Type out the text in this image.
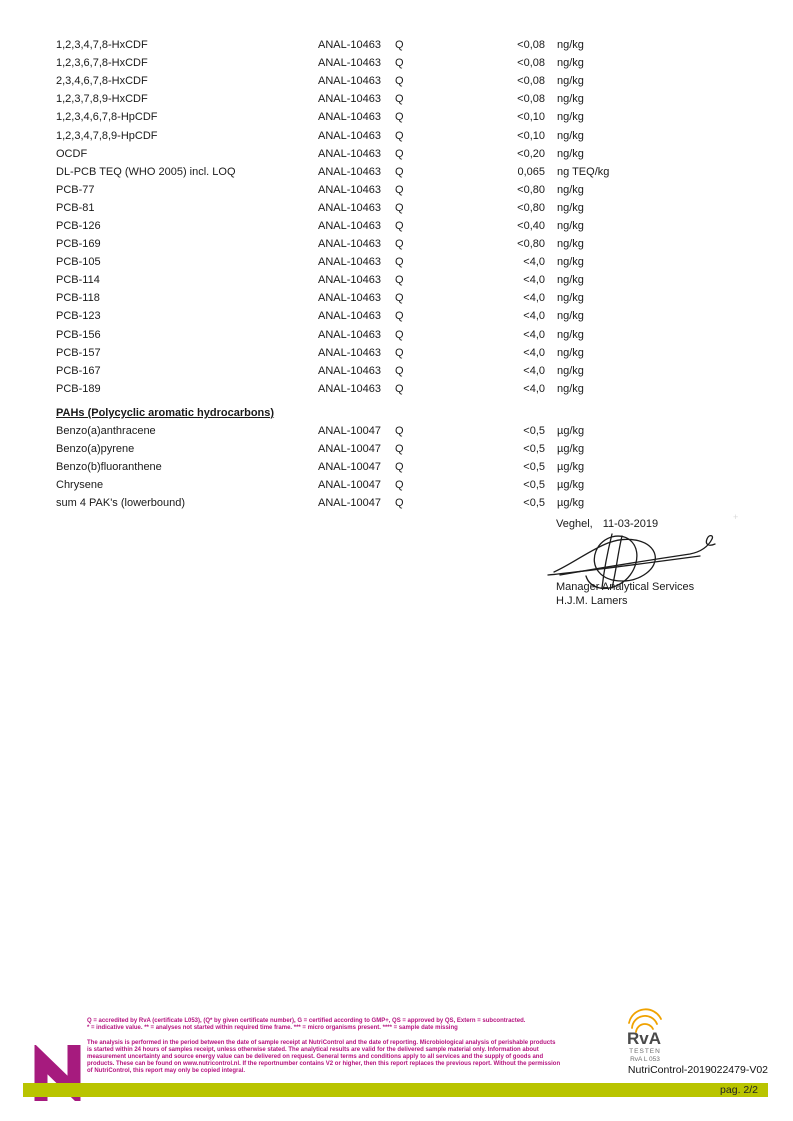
1,2,3,4,7,8-HxCDF	ANAL-10463	Q	<0,08	ng/kg
1,2,3,6,7,8-HxCDF	ANAL-10463	Q	<0,08	ng/kg
2,3,4,6,7,8-HxCDF	ANAL-10463	Q	<0,08	ng/kg
1,2,3,7,8,9-HxCDF	ANAL-10463	Q	<0,08	ng/kg
1,2,3,4,6,7,8-HpCDF	ANAL-10463	Q	<0,10	ng/kg
1,2,3,4,7,8,9-HpCDF	ANAL-10463	Q	<0,10	ng/kg
OCDF	ANAL-10463	Q	<0,20	ng/kg
DL-PCB TEQ (WHO 2005) incl. LOQ	ANAL-10463	Q	0,065	ng TEQ/kg
PCB-77	ANAL-10463	Q	<0,80	ng/kg
PCB-81	ANAL-10463	Q	<0,80	ng/kg
PCB-126	ANAL-10463	Q	<0,40	ng/kg
PCB-169	ANAL-10463	Q	<0,80	ng/kg
PCB-105	ANAL-10463	Q	<4,0	ng/kg
PCB-114	ANAL-10463	Q	<4,0	ng/kg
PCB-118	ANAL-10463	Q	<4,0	ng/kg
PCB-123	ANAL-10463	Q	<4,0	ng/kg
PCB-156	ANAL-10463	Q	<4,0	ng/kg
PCB-157	ANAL-10463	Q	<4,0	ng/kg
PCB-167	ANAL-10463	Q	<4,0	ng/kg
PCB-189	ANAL-10463	Q	<4,0	ng/kg
PAHs (Polycyclic aromatic hydrocarbons)
Benzo(a)anthracene	ANAL-10047	Q	<0,5	µg/kg
Benzo(a)pyrene	ANAL-10047	Q	<0,5	µg/kg
Benzo(b)fluoranthene	ANAL-10047	Q	<0,5	µg/kg
Chrysene	ANAL-10047	Q	<0,5	µg/kg
sum 4 PAK's (lowerbound)	ANAL-10047	Q	<0,5	µg/kg
Veghel, 11-03-2019
Manager Analytical Services
H.J.M. Lamers
+
Q = accredited by RvA (certificate L053), (Q* by given certificate number), G = certified according to GMP+, QS = approved by QS, Extern = subcontracted.
* = indicative value. ** = analyses not started within required time frame. *** = micro organisms present. **** = sample date missing
The analysis is performed in the period between the date of sample receipt at NutriControl and the date of reporting. Microbiological analysis of perishable products
is started within 24 hours of samples receipt, unless otherwise stated. The analytical results are valid for the delivered sample material only. Information about
measurement uncertainty and source energy value can be delivered on request. General terms and conditions apply to all services and the supply of goods and
products. These can be found on www.nutricontrol.nl. If the reportnumber contains V2 or higher, then this report replaces the previous report. Without the permission
of NutriControl, this report may only be copied integral.
RvA
TESTEN
RvA L 053
NutriControl-2019022479-V02
pag. 2/2
